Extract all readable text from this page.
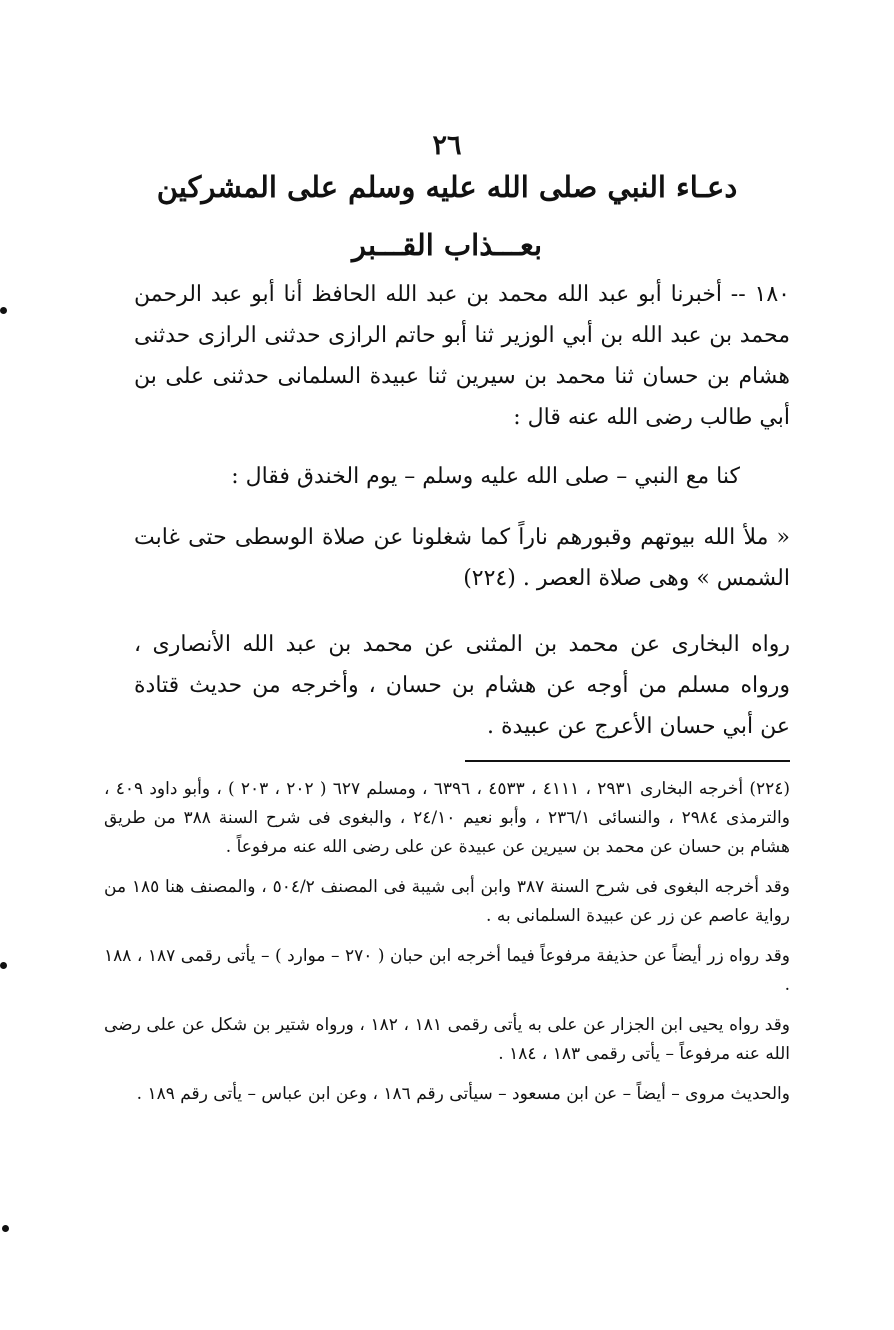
٢٦
دعـاء النبي صلى الله عليه وسلم على المشركين
بعـــذاب القـــبر

١٨٠ -- أخبرنا أبو عبد الله محمد بن عبد الله الحافظ أنا أبو عبد الرحمن محمد بن عبد الله بن أبي الوزير ثنا أبو حاتم الرازى حدثنى الرازى حدثنى هشام بن حسان ثنا محمد بن سيرين ثنا عبيدة السلمانى حدثنى على بن أبي طالب رضى الله عنه قال :

كنا مع النبي – صلى الله عليه وسلم – يوم الخندق فقال :

« ملأ الله بيوتهم وقبورهم ناراً كما شغلونا عن صلاة الوسطى حتى غابت الشمس » وهى صلاة العصر . (٢٢٤)

رواه البخارى عن محمد بن المثنى عن محمد بن عبد الله الأنصارى ، ورواه مسلم من أوجه عن هشام بن حسان ، وأخرجه من حديث قتادة عن أبي حسان الأعرج عن عبيدة .

(٢٢٤) أخرجه البخارى ٢٩٣١ ، ٤١١١ ، ٤٥٣٣ ، ٦٣٩٦ ، ومسلم ٦٢٧ ( ٢٠٢ ، ٢٠٣ ) ، وأبو داود ٤٠٩ ، والترمذى ٢٩٨٤ ، والنسائى ٢٣٦/١ ، وأبو نعيم ٢٤/١٠ ، والبغوى فى شرح السنة ٣٨٨ من طريق هشام بن حسان عن محمد بن سيرين عن عبيدة عن على رضى الله عنه مرفوعاً .

وقد أخرجه البغوى فى شرح السنة ٣٨٧ وابن أبى شيبة فى المصنف ٥٠٤/٢ ، والمصنف هنا ١٨٥ من رواية عاصم عن زر عن عبيدة السلمانى به .

وقد رواه زر أيضاً عن حذيفة مرفوعاً فيما أخرجه ابن حبان ( ٢٧٠ – موارد ) – يأتى رقمى ١٨٧ ، ١٨٨ .

وقد رواه يحيى ابن الجزار عن على به يأتى رقمى ١٨١ ، ١٨٢ ، ورواه شتير بن شكل عن على رضى الله عنه مرفوعاً – يأتى رقمى ١٨٣ ، ١٨٤ .

والحديث مروى – أيضاً – عن ابن مسعود – سيأتى رقم ١٨٦ ، وعن ابن عباس – يأتى رقم ١٨٩ .
